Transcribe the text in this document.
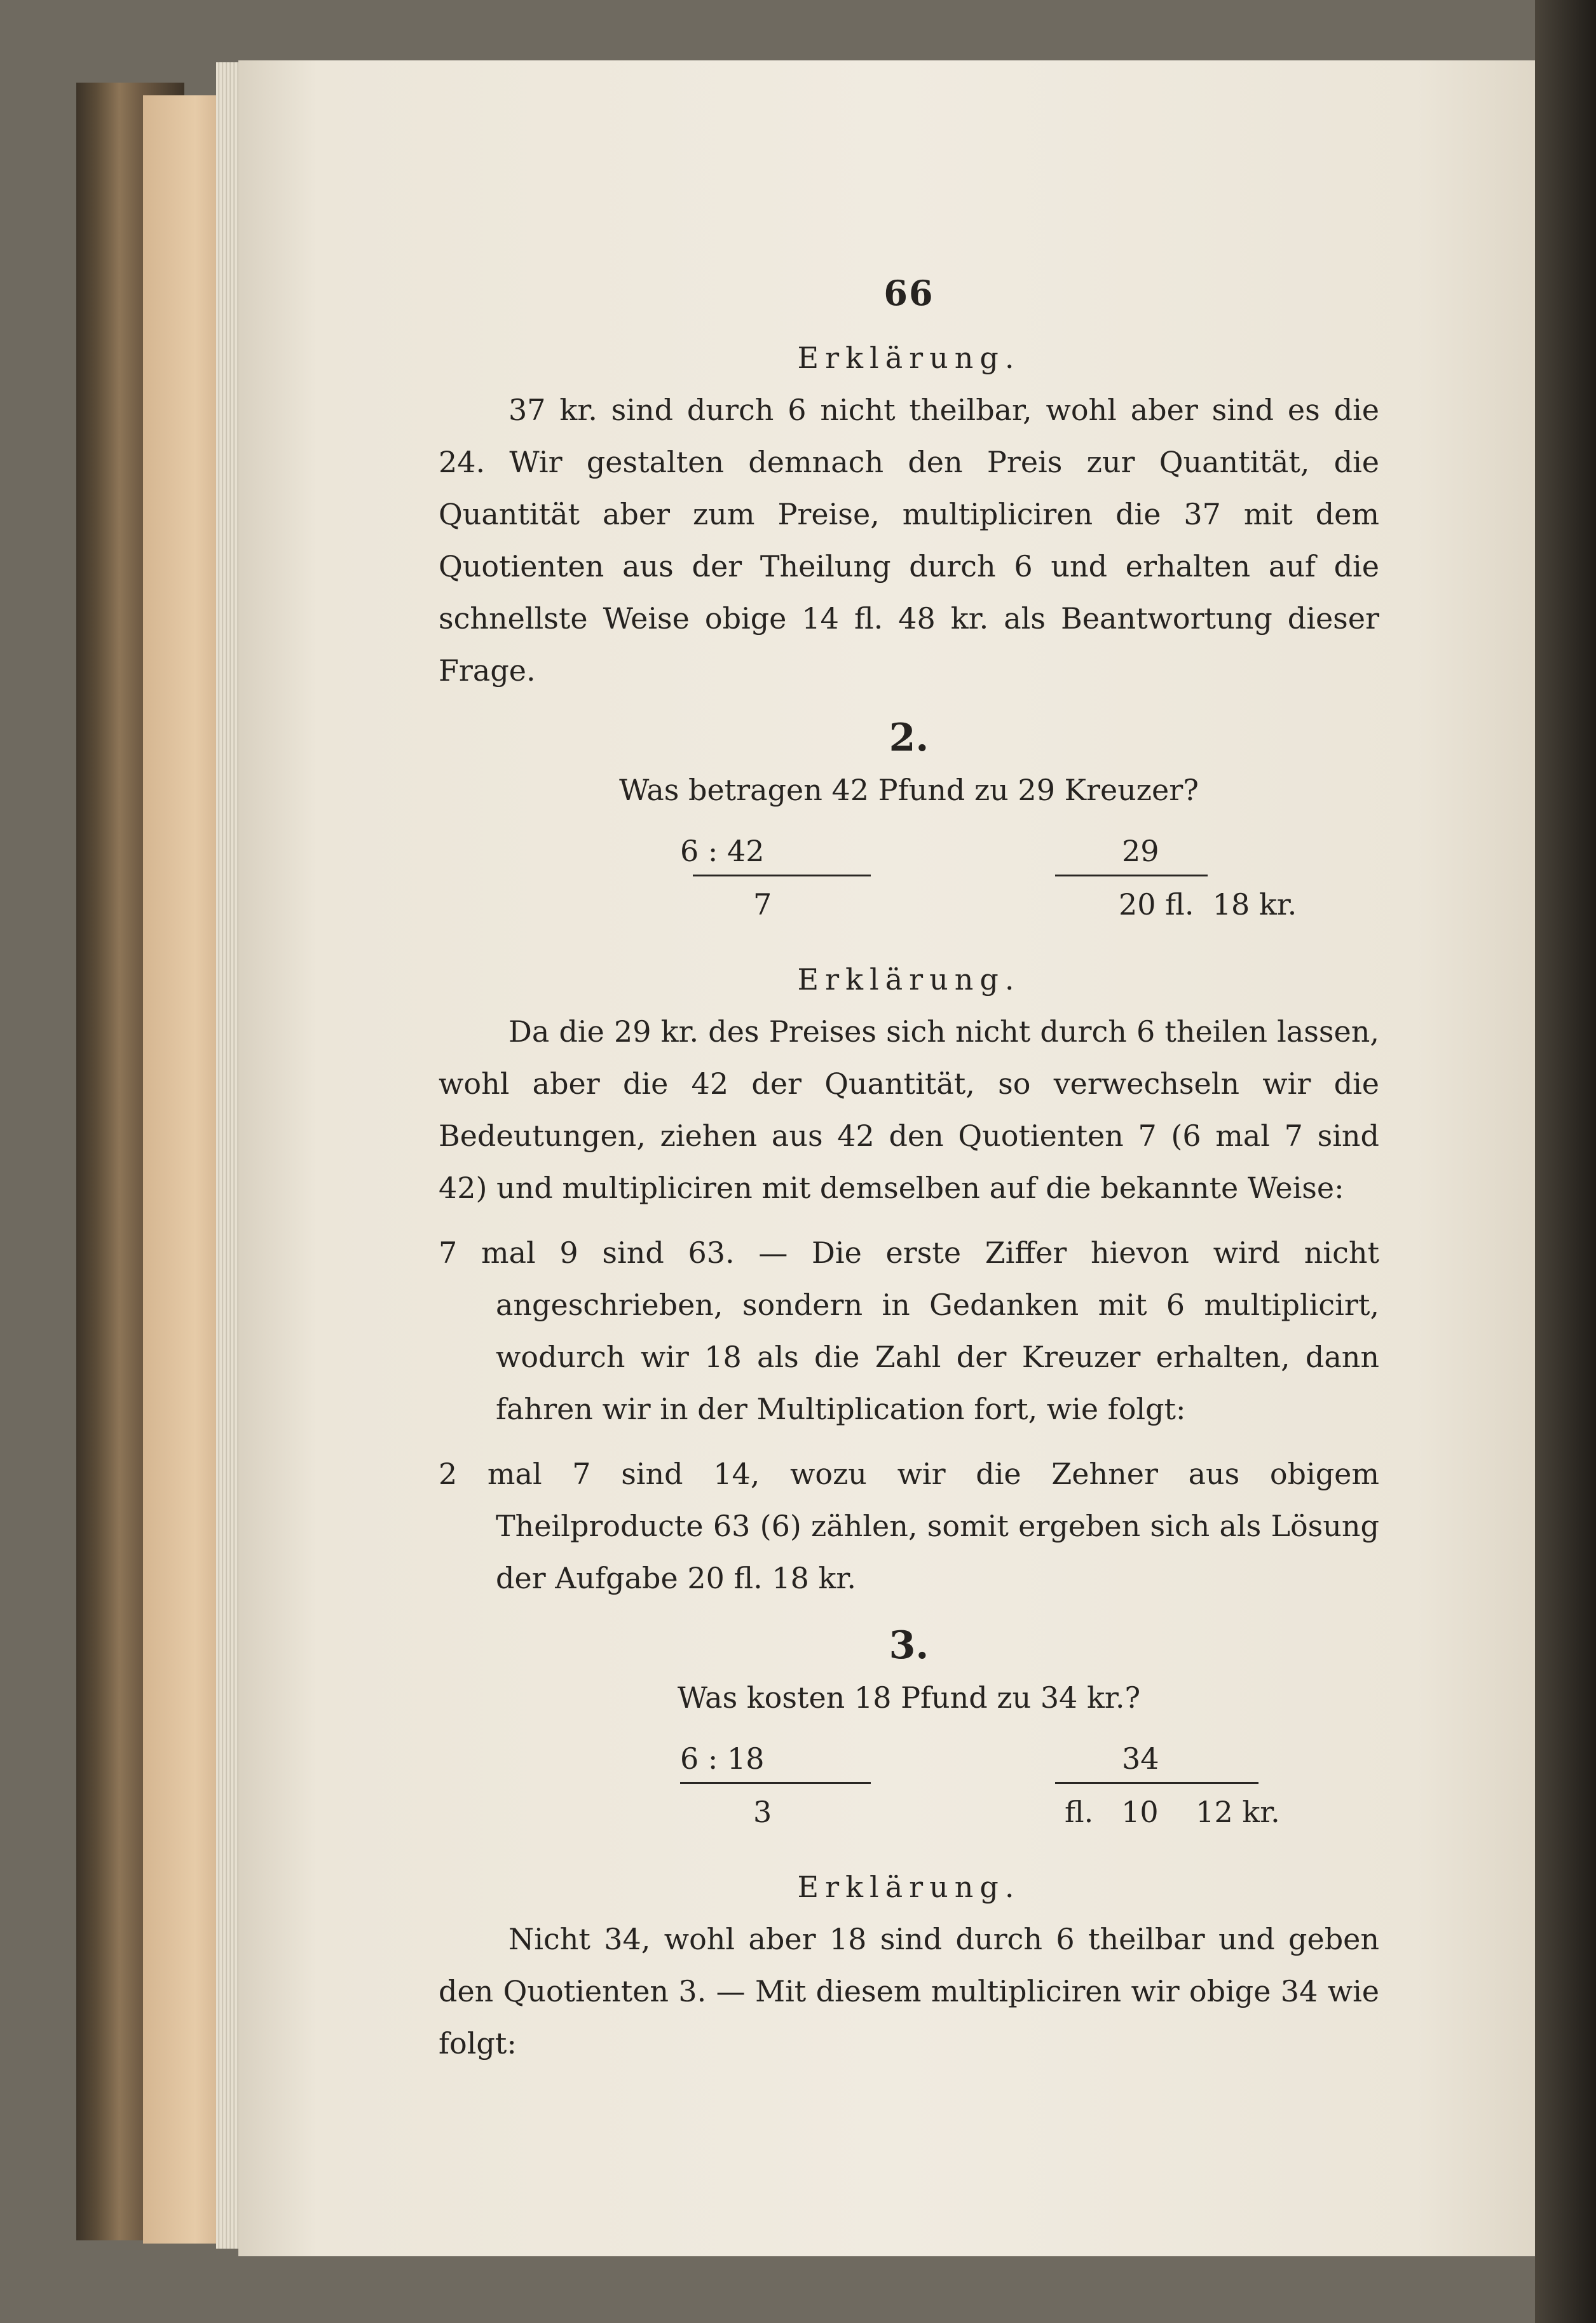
66

Erklärung.

37 kr. sind durch 6 nicht theilbar, wohl aber sind es die 24. Wir gestalten demnach den Preis zur Quantität, die Quantität aber zum Preise, multipliciren die 37 mit dem Quotienten aus der Theilung durch 6 und erhalten auf die schnellste Weise obige 14 fl. 48 kr. als Beantwortung dieser Frage.

2.

Was betragen 42 Pfund zu 29 Kreuzer?

6 : 42
7
29
20 fl.  18 kr.

Erklärung.

Da die 29 kr. des Preises sich nicht durch 6 theilen lassen, wohl aber die 42 der Quantität, so verwechseln wir die Bedeutungen, ziehen aus 42 den Quotienten 7 (6 mal 7 sind 42) und multipliciren mit demselben auf die bekannte Weise:

7 mal 9 sind 63. — Die erste Ziffer hievon wird nicht angeschrieben, sondern in Gedanken mit 6 multiplicirt, wodurch wir 18 als die Zahl der Kreuzer erhalten, dann fahren wir in der Multiplication fort, wie folgt:

2 mal 7 sind 14, wozu wir die Zehner aus obigem Theilproducte 63 (6) zählen, somit ergeben sich als Lösung der Aufgabe 20 fl. 18 kr.

3.

Was kosten 18 Pfund zu 34 kr.?

6 : 18
3
34
fl.   10    12 kr.

Erklärung.

Nicht 34, wohl aber 18 sind durch 6 theilbar und geben den Quotienten 3. — Mit diesem multipliciren wir obige 34 wie folgt:
